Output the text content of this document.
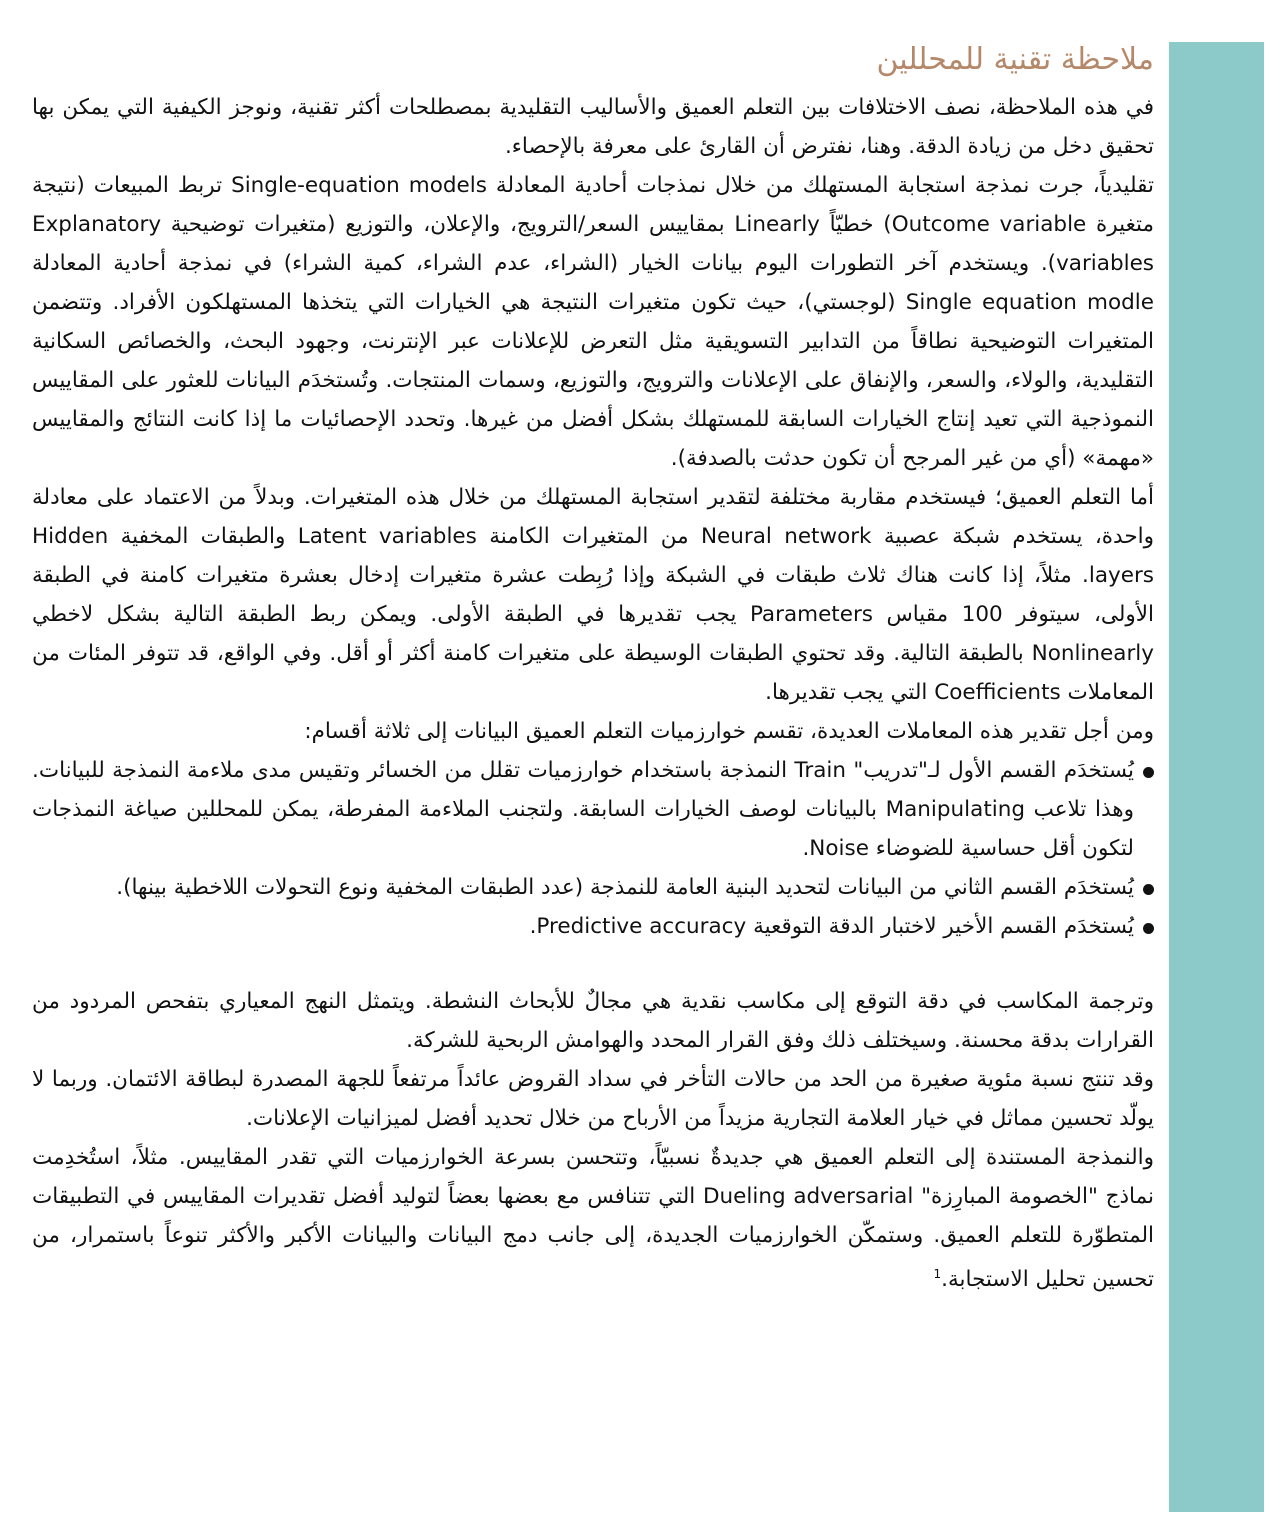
ملاحظة تقنية للمحللين

في هذه الملاحظة، نصف الاختلافات بين التعلم العميق والأساليب التقليدية بمصطلحات أكثر تقنية، ونوجز الكيفية التي يمكن بها تحقيق دخل من زيادة الدقة. وهنا، نفترض أن القارئ على معرفة بالإحصاء.

تقليدياً، جرت نمذجة استجابة المستهلك من خلال نمذجات أحادية المعادلة Single-equation models تربط المبيعات (نتيجة متغيرة Outcome variable) خطيّاً Linearly بمقاييس السعر/الترويج، والإعلان، والتوزيع (متغيرات توضيحية Explanatory variables). ويستخدم آخر التطورات اليوم بيانات الخيار (الشراء، عدم الشراء، كمية الشراء) في نمذجة أحادية المعادلة Single equation modle (لوجستي)، حيث تكون متغيرات النتيجة هي الخيارات التي يتخذها المستهلكون الأفراد. وتتضمن المتغيرات التوضيحية نطاقاً من التدابير التسويقية مثل التعرض للإعلانات عبر الإنترنت، وجهود البحث، والخصائص السكانية التقليدية، والولاء، والسعر، والإنفاق على الإعلانات والترويج، والتوزيع، وسمات المنتجات. وتُستخدَم البيانات للعثور على المقاييس النموذجية التي تعيد إنتاج الخيارات السابقة للمستهلك بشكل أفضل من غيرها. وتحدد الإحصائيات ما إذا كانت النتائج والمقاييس «مهمة» (أي من غير المرجح أن تكون حدثت بالصدفة).

أما التعلم العميق؛ فيستخدم مقاربة مختلفة لتقدير استجابة المستهلك من خلال هذه المتغيرات. وبدلاً من الاعتماد على معادلة واحدة، يستخدم شبكة عصبية Neural network من المتغيرات الكامنة Latent variables والطبقات المخفية Hidden layers. مثلاً، إذا كانت هناك ثلاث طبقات في الشبكة وإذا رُبِطت عشرة متغيرات إدخال بعشرة متغيرات كامنة في الطبقة الأولى، سيتوفر 100 مقياس Parameters يجب تقديرها في الطبقة الأولى. ويمكن ربط الطبقة التالية بشكل لاخطي Nonlinearly بالطبقة التالية. وقد تحتوي الطبقات الوسيطة على متغيرات كامنة أكثر أو أقل. وفي الواقع، قد تتوفر المئات من المعاملات Coefficients التي يجب تقديرها.

ومن أجل تقدير هذه المعاملات العديدة، تقسم خوارزميات التعلم العميق البيانات إلى ثلاثة أقسام:

يُستخدَم القسم الأول لـ"تدريب" Train النمذجة باستخدام خوارزميات تقلل من الخسائر وتقيس مدى ملاءمة النمذجة للبيانات. وهذا تلاعب Manipulating بالبيانات لوصف الخيارات السابقة. ولتجنب الملاءمة المفرطة، يمكن للمحللين صياغة النمذجات لتكون أقل حساسية للضوضاء Noise.
يُستخدَم القسم الثاني من البيانات لتحديد البنية العامة للنمذجة (عدد الطبقات المخفية ونوع التحولات اللاخطية بينها).
يُستخدَم القسم الأخير لاختبار الدقة التوقعية Predictive accuracy.

وترجمة المكاسب في دقة التوقع إلى مكاسب نقدية هي مجالٌ للأبحاث النشطة. ويتمثل النهج المعياري بتفحص المردود من القرارات بدقة محسنة. وسيختلف ذلك وفق القرار المحدد والهوامش الربحية للشركة.

وقد تنتج نسبة مئوية صغيرة من الحد من حالات التأخر في سداد القروض عائداً مرتفعاً للجهة المصدرة لبطاقة الائتمان. وربما لا يولّد تحسين مماثل في خيار العلامة التجارية مزيداً من الأرباح من خلال تحديد أفضل لميزانيات الإعلانات.

والنمذجة المستندة إلى التعلم العميق هي جديدةٌ نسبيّاً، وتتحسن بسرعة الخوارزميات التي تقدر المقاييس. مثلاً، استُخدِمت نماذج "الخصومة المبارِزة" Dueling adversarial التي تتنافس مع بعضها بعضاً لتوليد أفضل تقديرات المقاييس في التطبيقات المتطوّرة للتعلم العميق. وستمكّن الخوارزميات الجديدة، إلى جانب دمج البيانات والبيانات الأكبر والأكثر تنوعاً باستمرار، من تحسين تحليل الاستجابة.$^1$
